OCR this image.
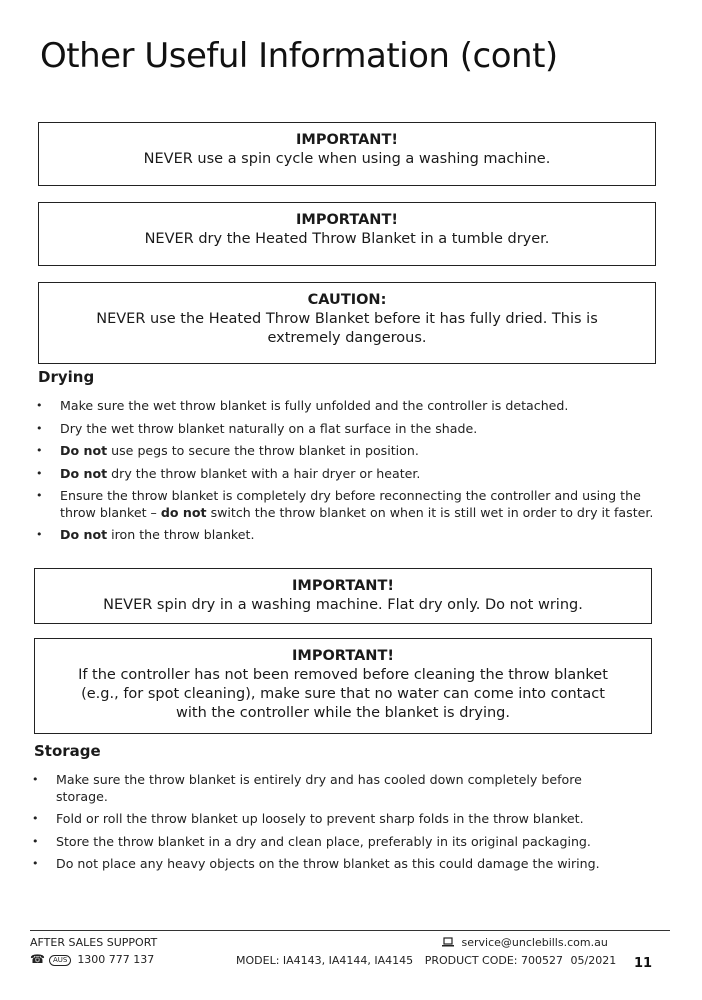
Other Useful Information (cont)
IMPORTANT!
NEVER use a spin cycle when using a washing machine.
IMPORTANT!
NEVER dry the Heated Throw Blanket in a tumble dryer.
CAUTION:
NEVER use the Heated Throw Blanket before it has fully dried. This is extremely dangerous.
Drying
• Make sure the wet throw blanket is fully unfolded and the controller is detached.
• Dry the wet throw blanket naturally on a flat surface in the shade.
• Do not use pegs to secure the throw blanket in position.
• Do not dry the throw blanket with a hair dryer or heater.
• Ensure the throw blanket is completely dry before reconnecting the controller and using the throw blanket – do not switch the throw blanket on when it is still wet in order to dry it faster.
• Do not iron the throw blanket.
IMPORTANT!
NEVER spin dry in a washing machine. Flat dry only. Do not wring.
IMPORTANT!
If the controller has not been removed before cleaning the throw blanket (e.g., for spot cleaning), make sure that no water can come into contact with the controller while the blanket is drying.
Storage
• Make sure the throw blanket is entirely dry and has cooled down completely before storage.
• Fold or roll the throw blanket up loosely to prevent sharp folds in the throw blanket.
• Store the throw blanket in a dry and clean place, preferably in its original packaging.
• Do not place any heavy objects on the throw blanket as this could damage the wiring.
AFTER SALES SUPPORT
☎ AUS 1300 777 137
service@unclebills.com.au
MODEL: IA4143, IA4144, IA4145 PRODUCT CODE: 700527 05/2021 11
